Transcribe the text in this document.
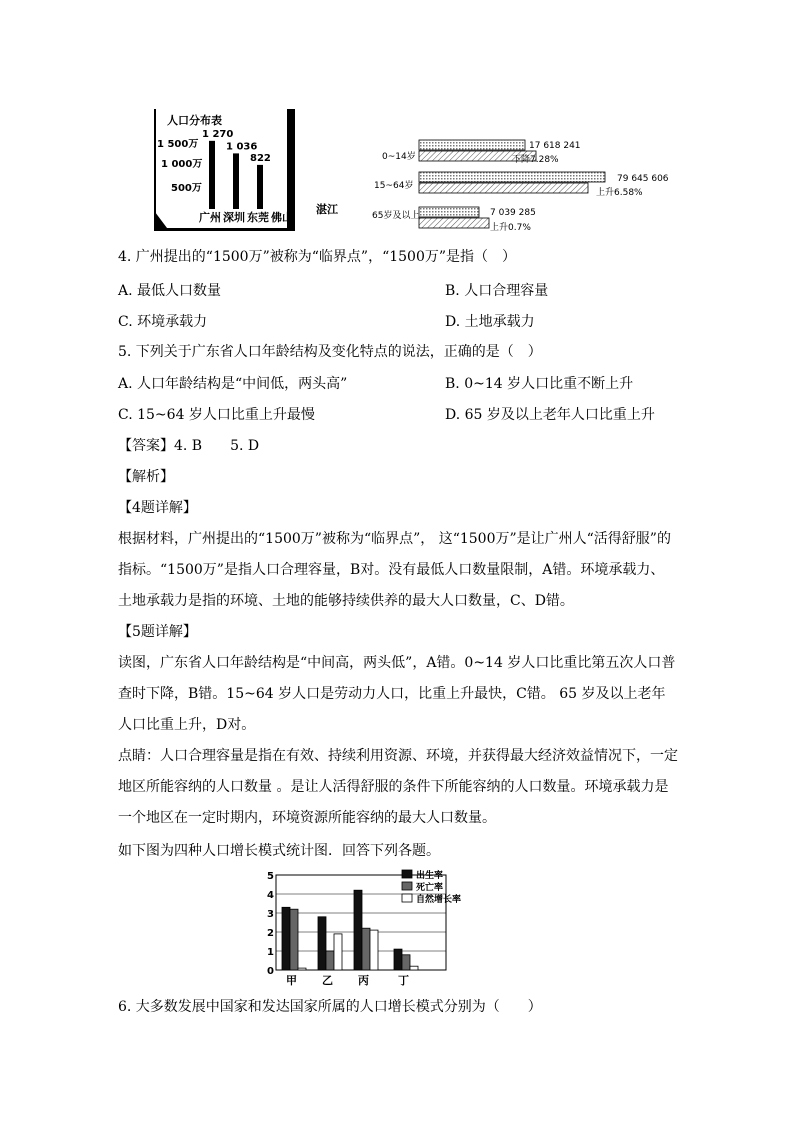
人口分布表
1 500万
1 000万
500万
1 270
1 036
822
广州 深圳 东莞 佛山
湛江
0~14岁
17 618 241
下降7.28%
15~64岁
79 645 606
上升6.58%
65岁及以上	7 039 285
上升0.7%
4. 广州提出的“1500万”被称为“临界点”，“1500万”是指（　）
A. 最低人口数量	B. 人口合理容量
C. 环境承载力	D. 土地承载力
5. 下列关于广东省人口年龄结构及变化特点的说法，正确的是（　）
A. 人口年龄结构是“中间低，两头高”	B. 0~14 岁人口比重不断上升
C. 15~64 岁人口比重上升最慢	D. 65 岁及以上老年人口比重上升
【答案】4. B　　5. D
【解析】
【4题详解】
根据材料，广州提出的“1500万”被称为“临界点”， 这“1500万”是让广州人“活得舒服”的指标。“1500万”是指人口合理容量，B对。没有最低人口数量限制，A错。环境承载力、土地承载力是指的环境、土地的能够持续供养的最大人口数量，C、D错。
【5题详解】
读图，广东省人口年龄结构是“中间高，两头低”，A错。0~14 岁人口比重比第五次人口普查时下降，B错。15~64 岁人口是劳动力人口，比重上升最快，C错。 65 岁及以上老年人口比重上升，D对。
点睛：人口合理容量是指在有效、持续利用资源、环境，并获得最大经济效益情况下，一定地区所能容纳的人口数量 。是让人活得舒服的条件下所能容纳的人口数量。环境承载力是一个地区在一定时期内，环境资源所能容纳的最大人口数量。
如下图为四种人口增长模式统计图．回答下列各题。
0
1
2
3
4
5
甲 乙 丙	丁
出生率
死亡率
自然增长率
6. 大多数发展中国家和发达国家所属的人口增长模式分别为（　　）
